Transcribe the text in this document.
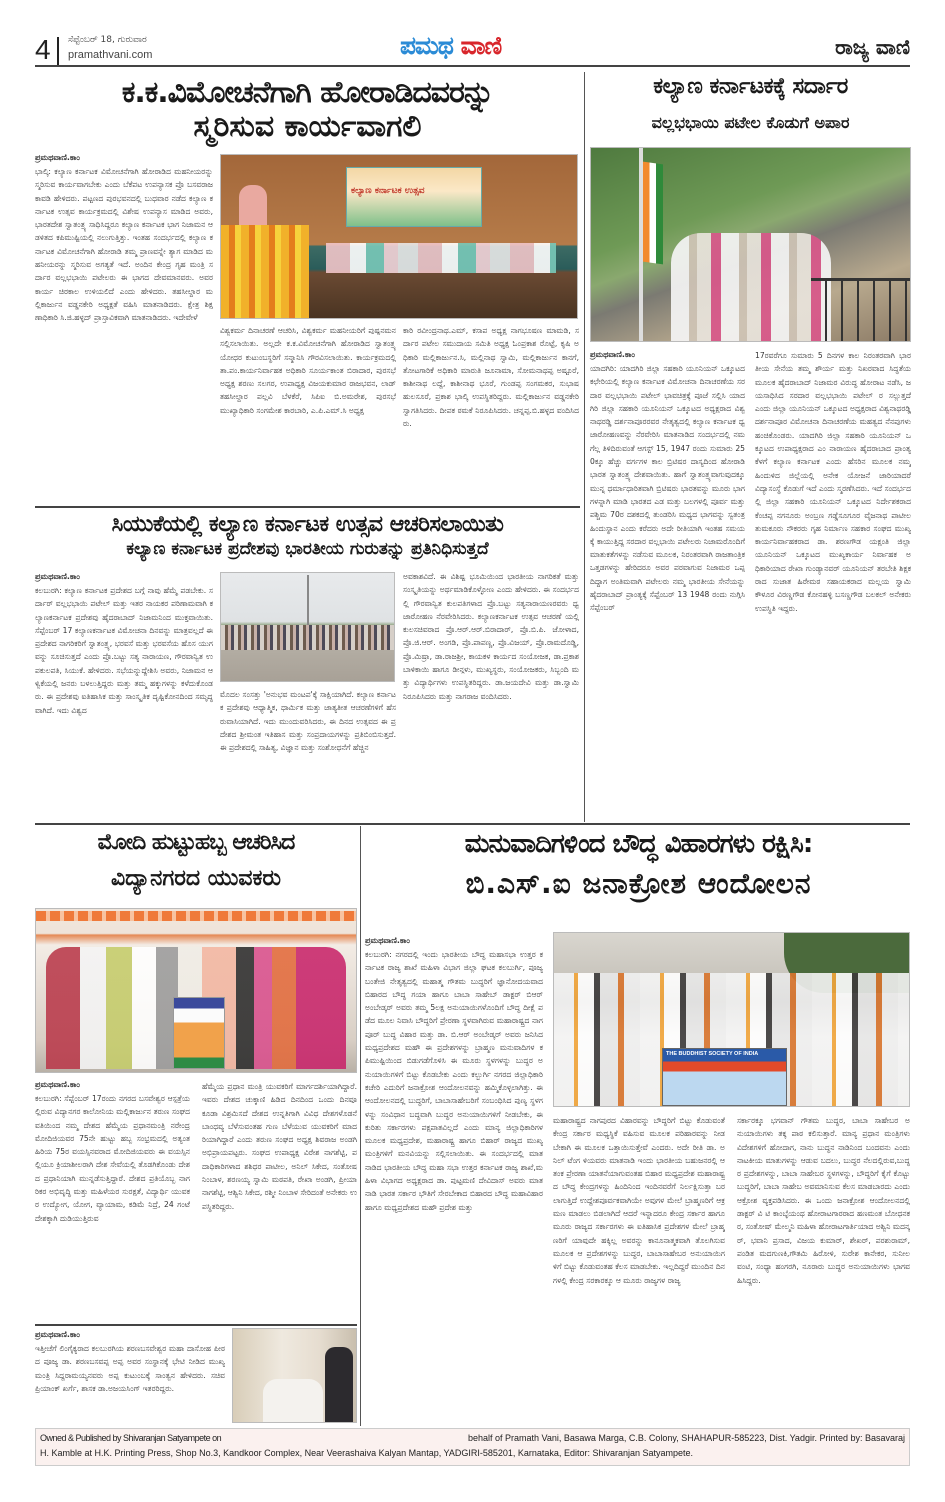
4 ಸೆಪ್ಟೆಂಬರ್ 18, ಗುರುವಾರ
pramathvani.com	ಪಮಥ ವಾಣಿ	ರಾಜ್ಯ ವಾಣಿ
ಕ.ಕ.ವಿಮೋಚನೆಗಾಗಿ ಹೋರಾಡಿದವರನ್ನು
ಸ್ಮರಿಸುವ ಕಾರ್ಯವಾಗಲಿ
ಪ್ರಮಥವಾಣಿ.ಕಾಂ
ಭಾಲ್ಕಿ: ಕಲ್ಯಾಣ ಕರ್ನಾಟಕ ವಿಮೋಚನೆಗಾಗಿ ಹೋರಾಡಿದ ಮಹನೀಯರನ್ನು ಸ್ಮರಿಸುವ ಕಾರ್ಯವಾಗಬೇಕು ಎಂದು ಬೆಕೆಪಟ ಉಪನ್ಯಾಸಕ ಪ್ರೊ ಬಸವರಾಜ ಕಾವಡಿ ಹೇಳಿದರು. ಪಟ್ಟಣದ ಪುರಭವನದಲ್ಲಿ ಬುಧವಾರ ನಡೆದ ಕಲ್ಯಾಣ ಕರ್ನಾಟಕ ಉತ್ಸವ ಕಾರ್ಯಕ್ರಮದಲ್ಲಿ ವಿಶೇಷ ಉಪನ್ಯಾಸ ಮಾಡಿದ ಅವರು, ಭಾರತದೇಶ ಸ್ವಾತಂತ್ರ್ಯ ಸಾಧಿಸಿದ್ದರೂ ಕಲ್ಯಾಣ ಕರ್ನಾಟಕ ಭಾಗ ನಿಜಾಮನ ಆಡಳಿತದ ಕಪಿಮುಷ್ಟಿಯಲ್ಲಿ ನಲುಗುತ್ತಿತ್ತು. ಇಂತಹ ಸಂದರ್ಭದಲ್ಲಿ ಕಲ್ಯಾಣ ಕರ್ನಾಟಕ ವಿಮೋಚನೆಗಾಗಿ ಹೋರಾಡಿ ತಮ್ಮ ಪ್ರಾಣವನ್ನೇ ತ್ಯಾಗ ಮಾಡಿದ ಮಹನೀಯರನ್ನು ಸ್ಮರಿಸುವ ಅಗತ್ಯತೆ ಇದೆ. ಅಂದಿನ ಕೇಂದ್ರ ಗೃಹ ಮಂತ್ರಿ ಸರ್ದಾರ ವಲ್ಲಭಭಾಯಿ ಪಟೇಲರು ಈ ಭಾಗದ ದೇವಮಾನವರು. ಅವರ ಕಾರ್ಯ ಚಿರಕಾಲ ಉಳಿಯಲಿದೆ ಎಂದು ಹೇಳಿದರು. ತಹಸೀಲ್ದಾರ ಮಲ್ಲಿಕಾರ್ಜುನ ವಡ್ಡನಕೇರಿ ಅಧ್ಯಕ್ಷತೆ ವಹಿಸಿ ಮಾತನಾಡಿದರು. ಕ್ಷೇತ್ರ ಶಿಕ್ಷಣಾಧಿಕಾರಿ ಸಿ.ಜಿ.ಹಳ್ಳದ್ ಪ್ರಾಸ್ತಾವಿಕವಾಗಿ ಮಾತನಾಡಿದರು. ಇದೇವೇಳೆ
ಕಲ್ಯಾಣ ಕರ್ನಾಟಕ ಉತ್ಸವ
ವಿಶ್ವಕರ್ಮ ದಿನಾಚರಣೆ ಆಚರಿಸಿ, ವಿಶ್ವಕರ್ಮ ಮಹನೀಯರಿಗೆ ಪುಷ್ಪನಮನ ಸಲ್ಲಿಸಲಾಯಿತು. ಅಲ್ಲದೇ ಕ.ಕ.ವಿಮೋಚನೆಗಾಗಿ ಹೋರಾಡಿದ ಸ್ವಾತಂತ್ರ್ಯ ಯೋಧರ ಕುಟುಂಬಸ್ಥರಿಗೆ ಸನ್ಮಾನಿಸಿ ಗೌರವಿಸಲಾಯಿತು. ಕಾರ್ಯಕ್ರಮದಲ್ಲಿ ತಾ.ಪಂ.ಕಾರ್ಯನಿರ್ವಾಹಕ ಅಧಿಕಾರಿ ಸೂರ್ಯಕಾಂತ ಬಿರಾದಾರ, ಪುರಸಭೆ ಅಧ್ಯಕ್ಷ ಶರಣು ಸಲಗರ, ಉಪಾಧ್ಯಕ್ಷ ವಿಜಯಕುಮಾರ ರಾಜಭವನ, ಲಾಡ್ ತಹಸೀಲ್ದಾರ ಪಲ್ಲವಿ ಬೆಳಕೆರೆ, ಸಿಪಿಐ ಬಿ.ಅಮರೇಶ, ಪುರಸಭೆ ಮುಖ್ಯಾಧಿಕಾರಿ ಸಂಗಮೇಶ ಕಾರಬಾರಿ, ಎ.ಪಿ.ಎಮ್.ಸಿ ಅಧ್ಯಕ್ಷ
ಕಾರಿ ರವೀಂದ್ರನಾಥ.ಎಮ್, ಕಸಾಪ ಅಧ್ಯಕ್ಷ ನಾಗಭೂಷಣ ಮಾಮಡಿ, ಸರ್ದಾರ ಪಟೇಲ ಸಮುದಾಯ ಸಮಿತಿ ಅಧ್ಯಕ್ಷ ಓಂಪ್ರಕಾಶ ರೊಟ್ಟೆ, ಕೃಷಿ ಅಧಿಕಾರಿ ಮಲ್ಲಿಕಾರ್ಜುನ.ಸಿ, ಮಲ್ಲಿನಾಥ ಸ್ವಾಮಿ, ಮಲ್ಲಿಕಾರ್ಜುನ ಕಾನಗೆ, ತೋಟಗಾರಿಕೆ ಅಧಿಕಾರಿ ಮಾರುತಿ ಜೂನಾಮಾ, ಸೋಮನಾಥಪ್ಪ ಅಷ್ಟೂರೆ, ಕಾಶೀನಾಥ ಲದ್ದೆ, ಕಾಶೀನಾಥ ಭೂರೆ, ಗುಂಡಪ್ಪ ಸಂಗಮಕರ, ಸುಭಾಷ ಹುಲಸೂರೆ, ಪ್ರಕಾಶ ಭಾಲ್ಕಿ ಉಪಸ್ಥಿತರಿದ್ದರು. ಮಲ್ಲಿಕಾರ್ಜುನ ವಡ್ಡನಕೇರಿ ಸ್ವಾಗತಿಸಿದರು. ದೀಪಕ ಠಮಕೆ ನಿರೂಪಿಸಿದರು. ಚನ್ನಪ್ಪ.ಬಿ.ಹಳ್ಳದ ವಂದಿಸಿದರು.
ಕಲ್ಯಾಣ ಕರ್ನಾಟಕಕ್ಕೆ ಸರ್ದಾರ
ವಲ್ಲಭಭಾಯಿ ಪಟೇಲ ಕೊಡುಗೆ ಅಪಾರ
ಪ್ರಮಥವಾಣಿ.ಕಾಂ
ಯಾದಗಿರಿ: ಯಾದಗಿರಿ ಜಿಲ್ಲಾ ಸಹಕಾರಿ ಯೂನಿಯನ್ ಒಕ್ಕೂಟದ ಕಛೇರಿಯಲ್ಲಿ ಕಲ್ಯಾಣ ಕರ್ನಾಟಕ ವಿಮೋಚನಾ ದಿನಾಚರಣೆಯ ಸರದಾರ ವಲ್ಲಭಭಾಯಿ ಪಟೇಲ್ ಭಾವಚಿತ್ರಕ್ಕೆ ಪೂಜೆ ಸಲ್ಲಿಸಿ ಯಾದಗಿರಿ ಜಿಲ್ಲಾ ಸಹಕಾರಿ ಯೂನಿಯನ್ ಒಕ್ಕೂಟದ ಅಧ್ಯಕ್ಷರಾದ ವಿಶ್ವನಾಥರಡ್ಡಿ ದರ್ಶನಾಪೂರರವರ ನೇತೃತ್ವದಲ್ಲಿ ಕಲ್ಯಾಣ ಕರ್ನಾಟಕ ಧ್ವಜಾರೋಹಣವನ್ನು ನೆರವೇರಿಸಿ ಮಾತನಾಡಿದ ಸಂದರ್ಭದಲ್ಲಿ ನಮಗೆಲ್ಲ ತಿಳಿದಿರುವಂತೆ ಆಗಸ್ಟ್ 15, 1947 ರಂದು ಸುಮಾರು 250ಕ್ಕೂ ಹೆಚ್ಚು ವರ್ಗಗಳ ಕಾಲ ಬ್ರಿಟಿಷರ ದಾಸ್ಯದಿಂದ ಹೋರಾಡಿ ಭಾರತ ಸ್ವಾತಂತ್ರ್ಯ ದೇಶವಾಯಿತು. ಹಾಗೆ ಸ್ವಾತಂತ್ರ್ಯವಾಗುವುದಕ್ಕೂ ಮುನ್ನ ಧರ್ಮಾಧಾರಿತವಾಗಿ ಬ್ರಿಟಿಷರು ಭಾರತವನ್ನು ಮೂರು ಭಾಗಗಳನ್ನಾಗಿ ಮಾಡಿ ಭಾರತದ ಎಡ ಮತ್ತು ಬಲಗಳಲ್ಲಿ ಪೂರ್ವ ಮತ್ತು ಪಶ್ಚಿಮ 70ರ ದಶಕದಲ್ಲಿ ತುಂಡರಿಸಿ ಮಧ್ಯದ ಭಾಗವನ್ನು ಸ್ವತಂತ್ರ ಹಿಂದುಸ್ಥಾನ ಎಂದು ಕರೆದರು ಅದೇ ರೀತಿಯಾಗಿ ಇಂತಹ ಸಮಯಕ್ಕೆ ಕಾಯುತ್ತಿದ್ದ ಸರದಾರ ವಲ್ಲಭಾಯಿ ಪಟೇಲರು ನಿಜಾಮರೊಂದಿಗೆ ಮಾತುಕತೆಗಳನ್ನು ನಡೆಸುವ ಮೂಲಕ, ನಿರಂತರವಾಗಿ ರಾಜತಾಂತ್ರಿಕ ಒತ್ತಡಗಳನ್ನು ಹೇರಿದರೂ ಅವರ ಪರವಾಗುವ ನಿಜಾಮರ ಒಪ್ಪದಿದ್ದಾಗ ಅಂತಿಮವಾಗಿ ಪಟೇಲರು ನಮ್ಮ ಭಾರತೀಯ ಸೇನೆಯನ್ನು ಹೈದರಾಬಾದ್ ಪ್ರಾಂತ್ಯಕ್ಕೆ ಸೆಪ್ಟೆಂಬರ್ 13 1948 ರಂದು ನುಗ್ಗಿಸಿ ಸೆಪ್ಟೆಂಬರ್
17ರವರೆಗೂ ಸುಮಾರು 5 ದಿನಗಳ ಕಾಲ ನಿರಂತರವಾಗಿ ಭಾರತೀಯ ಸೇನೆಯ ತಮ್ಮ ಶೌರ್ಯ ಮತ್ತು ನಿಖರವಾದ ಸಿದ್ಧತೆಯ ಮೂಲಕ ಹೈದರಾಬಾದ್ ನಿಜಾಮರ ವಿರುದ್ಧ ಹೋರಾಟ ನಡೆಸಿ, ಜಯಸಾಧಿಸಿದ ಸರದಾರ ವಲ್ಲಭಭಾಯಿ ಪಟೇಲ್ ರ ಸಲ್ಲುತ್ತದೆ ಎಂದು ಜಿಲ್ಲಾ ಯೂನಿಯನ್ ಒಕ್ಕೂಟದ ಅಧ್ಯಕ್ಷರಾದ ವಿಶ್ವನಾಥರಡ್ಡಿ ದರ್ಶನಾಪೂರ ವಿಮೋಚನಾ ದಿನಾಚರಣೆಯ ಮಹತ್ವದ ನೆನಪುಗಳು ಹಂಚಿಕೊಂಡರು. ಯಾದಗಿರಿ ಜಿಲ್ಲಾ ಸಹಕಾರಿ ಯೂನಿಯನ್ ಒಕ್ಕೂಟದ ಉಪಾಧ್ಯಕ್ಷರಾದ ಎಂ ನಾರಾಯಣ ಹೈದರಾಬಾದ ಪ್ರಾಂತ್ಯ ಕೆಳಗೆ ಕಲ್ಯಾಣ ಕರ್ನಾಟಕ ಎಂದು ಹೆಸರಿನ ಮೂಲಕ ನಮ್ಮ ಹಿಂದುಳಿದ ಜಿಲ್ಲೆಯಲ್ಲಿ ಅನೇಕ ಯೋಜನೆ ಜಾರಿಯಾದರೆ ವಿದ್ಯಾಸಂಸ್ಥೆ ಕೊಡುಗೆ ಇದೆ ಎಂದು ಸ್ಮರಣೆಸಿದರು. ಇದೆ ಸಂದರ್ಭದಲ್ಲಿ ಜಿಲ್ಲಾ ಸಹಕಾರಿ ಯೂನಿಯನ್ ಒಕ್ಕೂಟದ ನಿರ್ದೇಶಕರಾದ ಕೆಂಚಪ್ಪ ನಗನೂರು ಅಂಬ್ರಣ ಗಡ್ಡೆಸೂಗೂರ ವೈಜನಾಥ ಪಾಟೀಲ ತುಮಕೂರು ನೌಕರರು ಗೃಹ ನಿರ್ಮಾಣ ಸಹಕಾರ ಸಂಘದ ಮುಖ್ಯ ಕಾರ್ಯನಿರ್ವಾಹಕರಾದ ಡಾ. ಶರಣಗೌಡ ಯಕ್ಷಂತಿ ಜಿಲ್ಲಾ ಯೂನಿಯನ್ ಒಕ್ಕೂಟದ ಮುಖ್ಯಕಾರ್ಯ ನಿರ್ವಾಹಕ ಅಧಿಕಾರಿಯಾದ ರೇಖಾ ಗುಂಡ್ಯಾನವರ್ ಯೂನಿಯನ್ ತರಬೇತಿ ಶಿಕ್ಷಕರಾದ ಸುಜಾತ ಹಿರೇಮಠ ಸಹಾಯಕರಾದ ಮಲ್ಲಯ ಸ್ವಾಮಿ ಕೌಳೂರ ವಿರಣ್ಣಗೌಡ ಕೋನಹಳ್ಳಿ ಬಸಣ್ಣಗೌಡ ಬಲಕಲ್ ಅನೇಕರು ಉಪಸ್ಥಿತಿ ಇದ್ದರು.
ಸಿಯುಕೆಯಲ್ಲಿ ಕಲ್ಯಾಣ ಕರ್ನಾಟಕ ಉತ್ಸವ ಆಚರಿಸಲಾಯಿತು
ಕಲ್ಯಾಣ ಕರ್ನಾಟಕ ಪ್ರದೇಶವು ಭಾರತೀಯ ಗುರುತನ್ನು ಪ್ರತಿನಿಧಿಸುತ್ತದೆ
ಪ್ರಮಥವಾಣಿ.ಕಾಂ
ಕಲಬುರಗಿ: ಕಲ್ಯಾಣ ಕರ್ನಾಟಕ ಪ್ರದೇಶದ ಬಗ್ಗೆ ನಾವು ಹೆಮ್ಮೆ ಪಡಬೇಕು. ಸರ್ದಾರ್ ವಲ್ಲಭಭಾಯಿ ಪಟೇಲ್ ಮತ್ತು ಇತರ ನಾಯಕರ ಪರಿಣಾಮವಾಗಿ ಕಲ್ಯಾಣಕರ್ನಾಟಕ ಪ್ರದೇಶವು ಹೈದರಾಬಾದ್ ನಿಜಾಮನಿಂದ ಮುಕ್ತವಾಯಿತು. ಸೆಪ್ಟೆಂಬರ್ 17 ಕಲ್ಯಾಣಕರ್ನಾಟಕ ವಿಮೋಚನಾ ದಿನವನ್ನು ಮಾತ್ರವಲ್ಲದೆ ಈ ಪ್ರದೇಶದ ನಾಗರಿಕರಿಗೆ ಸ್ವಾತಂತ್ರ್ಯ, ಭರವಸೆ ಮತ್ತು ಭರವಸೆಯ ಹೊಸ ಯುಗವನ್ನು ಸೂಚಿಸುತ್ತದೆ ಎಂದು ಪ್ರೊ.ಬಟ್ಟು ಸತ್ಯ ನಾರಾಯಣ, ಗೌರವಾನ್ವಿತ ಉಪಕುಲಪತಿ, ಸಿಯುಕೆ. ಹೇಳಿದರು. ಸಭೆಯನ್ನುದ್ದೇಶಿಸಿ ಅವರು, ನಿಜಾಮನ ಆಳ್ವಿಕೆಯಲ್ಲಿ ಜನರು ಬಳಲುತ್ತಿದ್ದರು ಮತ್ತು ತಮ್ಮ ಹಕ್ಕುಗಳನ್ನು ಕಳೆದುಕೊಂಡರು. ಈ ಪ್ರದೇಶವು ಐತಿಹಾಸಿಕ ಮತ್ತು ಸಾಂಸ್ಕೃತಿಕ ದೃಷ್ಟಿಕೋನದಿಂದ ಸಮೃದ್ಧವಾಗಿದೆ. ಇದು ವಿಶ್ವದ
ಮೊದಲ ಸಂಸತ್ತು 'ಅನುಭವ ಮಂಟಪ'ಕ್ಕೆ ಸಾಕ್ಷಿಯಾಗಿದೆ. ಕಲ್ಯಾಣ ಕರ್ನಾಟಕ ಪ್ರದೇಶವು ಆಧ್ಯಾತ್ಮಿಕ, ಧಾರ್ಮಿಕ ಮತ್ತು ಜಾತ್ಯತೀತ ಆಚರಣೆಗಳಿಗೆ ಹೆಸರುವಾಸಿಯಾಗಿದೆ. ಇದು ಮುಂದುವರಿಸಿದರು, ಈ ದಿನದ ಉತ್ಸವದ ಈ ಪ್ರದೇಶದ ಶ್ರೀಮಂತ ಇತಿಹಾಸ ಮತ್ತು ಸಂಪ್ರದಾಯಗಳನ್ನು ಪ್ರತಿಬಿಂಬಿಸುತ್ತದೆ. ಈ ಪ್ರದೇಶದಲ್ಲಿ ಸಾಹಿತ್ಯ, ವಿಜ್ಞಾನ ಮತ್ತು ಸಂಶೋಧನೆಗೆ ಹೆಚ್ಚಿನ
ಅವಕಾಶವಿದೆ. ಈ ವಿಶಿಷ್ಟ ಭೂಮಿಯಿಂದ ಭಾರತೀಯ ನಾಗರಿಕತೆ ಮತ್ತು ಸಂಸ್ಕೃತಿಯನ್ನು ಅರ್ಥಮಾಡಿಕೊಳ್ಳೋಣ ಎಂದು ಹೇಳಿದರು. ಈ ಸಂದರ್ಭದಲ್ಲಿ ಗೌರವಾನ್ವಿತ ಕುಲಪತಿಗಳಾದ ಪ್ರೊ.ಬಟ್ಟು ಸತ್ಯನಾರಾಯಣರವರು ಧ್ವಜಾರೋಹಣ ನೆರವೇರಿಸಿದರು. ಕಲ್ಯಾಣಕರ್ನಾಟಕ ಉತ್ಸವ ಆಚರಣೆ ಯಲ್ಲಿ ಕುಲಸಚಿವರಾದ ಪ್ರೊ.ಆರ್.ಆರ್.ಬಿರಾದಾರ್, ಪ್ರೊ.ಬಿ.ಪಿ. ಜೋಳಾದ, ಪ್ರೊ.ಜಿ.ಆರ್. ಅಂಗಡಿ, ಪ್ರೊ.ಪಾಪಣ್ಣ, ಪ್ರೊ.ವಿಜಯ್, ಪ್ರೊ.ರಾಮದೊಡ್ಡಿ, ಪ್ರೊ.ಮಿಷ್ರಾ, ಡಾ.ರಾಜಶ್ರೀ, ಕಾಯಕಳ ಕಾರ್ಯದ ಸಂಯೋಜಕ, ಡಾ.ಪ್ರಕಾಶ ಬಾಳಿಕಾಯಿ ಹಾಗೂ ಡೀನ್ಗಳು, ಮುಖ್ಯಸ್ಥರು, ಸಂಯೋಜಕರು, ಸಿಬ್ಬಂದಿ ಮತ್ತು ವಿದ್ಯಾರ್ಥಿಗಳು ಉಪಸ್ಥಿತರಿದ್ದರು. ಡಾ.ಜಯದೇವಿ ಮತ್ತು ಡಾ.ಸ್ವಾಮಿ ನಿರೂಪಿಸಿದರು ಮತ್ತು ನಾಗರಾಜ ವಂದಿಸಿದರು.
ಮೋದಿ ಹುಟ್ಟುಹಬ್ಬ ಆಚರಿಸಿದ
ವಿದ್ಯಾನಗರದ ಯುವಕರು
ಪ್ರಮಥವಾಣಿ.ಕಾಂ
ಕಲಬುರಗಿ: ಸೆಪ್ಟೆಂಬರ್ 17ರಂದು ನಗರದ ಬಸವೇಶ್ವರ ಆಸ್ಪತ್ರೆಯಲ್ಲಿರುವ ವಿದ್ಯಾನಗರ ಕಾಲೋನಿಯ ಮಲ್ಲಿಕಾರ್ಜುನ ತರುಣ ಸಂಘದ ವತಿಯಿಂದ ನಮ್ಮ ದೇಶದ ಹೆಮ್ಮೆಯ ಪ್ರಧಾನಮಂತ್ರಿ ನರೇಂದ್ರ ಮೋದಿಜಿಯವರ 75ನೇ ಹುಟ್ಟು ಹಬ್ಬ ಸಂಭ್ರಮದಲ್ಲಿ ಅತ್ಯಂತ ಹಿರಿಯ 75ರ ವಯಸ್ಸಿನವರಾದ ಮೋದಿಜಿಯವರು ಈ ವಯಸ್ಸಿನಲ್ಲಿಯೂ ಕ್ರಿಯಾಶೀಲರಾಗಿ ದೇಶ ಸೇವೆಯಲ್ಲಿ ತೊಡಗಿಕೊಂಡು ದೇಶದ ಪ್ರಧಾನಿಯಾಗಿ ಮುನ್ನಡೆಸುತ್ತಿದ್ದಾರೆ. ದೇಶದ ಪ್ರತಿಯೊಬ್ಬ ನಾಗರಿಕರ ಅಭಿವೃದ್ಧಿ ಮತ್ತು ಮಹಿಳೆಯರ ಸುರಕ್ಷತೆ, ವಿದ್ಯಾರ್ಥಿ ಯುವಕರ ಉದ್ಯೋಗ, ಯೋಗ, ವ್ಯಾಯಾಮ, ಕಡಿಮೆ ನಿದ್ರೆ, 24 ಗಂಟೆ ದೇಶಕ್ಕಾಗಿ ದುಡಿಯುತ್ತಿರುವ
ಹೆಮ್ಮೆಯ ಪ್ರಧಾನ ಮಂತ್ರಿ ಯುವಕರಿಗೆ ಮಾರ್ಗದರ್ಶಿಯಾಗಿದ್ದಾರೆ. ಇವರು ದೇಶದ ಚುಕ್ಕಾಣಿ ಹಿಡಿದ ದಿನದಿಂದ ಒಂದು ದಿನವೂ ಕೂಡಾ ವಿಶ್ರಮಿಸದೆ ದೇಶದ ಉನ್ನತಿಗಾಗಿ ವಿವಿಧ ದೇಶಗಳೊಡನೆ ಬಾಂಧವ್ಯ ಬೆಳೆಸುವಂತಹ ಗುಣ ಬೆಳೆಯುವ ಯುವಕರಿಗೆ ಮಾದರಿಯಾಗಿದ್ದಾರೆ ಎಂದು ತರುಣ ಸಂಘದ ಅಧ್ಯಕ್ಷ ಶಿವರಾಜ ಅಂಡಗಿ ಅಭಿಪ್ರಾಯಪಟ್ಟರು. ಸಂಘದ ಉಪಾಧ್ಯಕ್ಷ ವಿರೇಶ ನಾಗಶೆಟ್ಟಿ, ಪದಾಧಿಕಾರಿಗಳಾದ ಶಶಿಧರ ಪಾಟೀಲ, ಅನಿಲ್ ಸಿಕೇದ, ಸಂತೋಷ ನಿಂಬಾಳ, ಶರಣಯ್ಯ ಸ್ವಾಮಿ ಮಠಪತಿ, ರೇಖಾ ಅಂಡಗಿ, ಪ್ರೀಯಾ ನಾಗಶೆಟ್ಟಿ, ಆಶ್ವಿನಿ ಸಿಕೇದ, ರಶ್ಮೀ ನಿಂಬಾಳ ಸೇರಿದಂತೆ ಅನೇಕರು ಉಪಸ್ಥಿತರಿದ್ದರು.
ಪ್ರಮಥವಾಣಿ.ಕಾಂ
ಇತ್ತೀಚೆಗೆ ಲಿಂಗೈಕ್ಯರಾದ ಕಲಬುರಗಿಯ ಶರಣಬಸವೇಶ್ವರ ಮಹಾ ದಾಸೋಹ ಪೀಠದ ಪೂಜ್ಯ ಡಾ. ಶರಣಬಸವಪ್ಪ ಅಪ್ಪ ಅವರ ಸಂಸ್ಥಾನಕ್ಕೆ ಭೇಟಿ ನೀಡಿದ ಮುಖ್ಯಮಂತ್ರಿ ಸಿದ್ದರಾಮಯ್ಯನವರು ಅಪ್ಪ ಕುಟುಂಬಕ್ಕೆ ಸಾಂತ್ವನ ಹೇಳಿದರು. ಸಚಿವ ಪ್ರಿಯಾಂಕ್ ಖರ್ಗೆ, ಶಾಸಕ ಡಾ.ಅಜಯಸಿಂಗ್ ಇತರರಿದ್ದರು.
ಮನುವಾದಿಗಳಿಂದ ಬೌದ್ಧ ವಿಹಾರಗಳು ರಕ್ಷಿಸಿ:
ಬಿ.ಎಸ್.ಐ ಜನಾಕ್ರೋಶ ಆಂದೋಲನ
ಪ್ರಮಥವಾಣಿ.ಕಾಂ
ಕಲಬುರಗಿ: ನಗರದಲ್ಲಿ ಇಂದು ಭಾರತೀಯ ಬೌದ್ಧ ಮಹಾಸಭಾ ಉತ್ತರ ಕರ್ನಾಟಕ ರಾಜ್ಯ ಶಾಖೆ ಮಹಿಳಾ ವಿಭಾಗ ಜಿಲ್ಲಾ ಘಟಕ ಕಲಬುರ್ಗಿ, ಪೂಜ್ಯ ಬಂತೇಜಿ ನೇತೃತ್ವದಲ್ಲಿ ಮಹಾತ್ಮ ಗೌತಮ ಬುದ್ಧರಿಗೆ ಜ್ಞಾನೋದಯವಾದ ಬಿಹಾರದ ಬೌದ್ಧ ಗಯಾ ಹಾಗೂ ಬಾಬಾ ಸಾಹೇಬ್ ಡಾಕ್ಟರ್ ಬಿಆರ್ ಅಂಬೇಡ್ಕರ್ ಅವರು ತಮ್ಮ 5ಲಕ್ಷ ಅನುಯಾಯಿಗಳೊಂದಿಗೆ ಬೌದ್ಧ ದೀಕ್ಷೆ ಪಡೆದ ಮೂಲ ನಿವಾಸಿ ಬೌದ್ಧರಿಗೆ ಪ್ರೇರಣಾ ಸ್ಥಳವಾಗಿರುವ ಮಹಾರಾಷ್ಟ್ರದ ನಾಗಪೂರ್ ಬುದ್ಧ ವಿಹಾರ ಮತ್ತು ಡಾ. ಬಿ.ಆರ್ ಅಂಬೇಡ್ಕರ್ ಅವರು ಜನಿಸಿದ ಮಧ್ಯಪ್ರದೇಶದ ಮಹೌ ಈ ಪ್ರದೇಶಗಳನ್ನು ಬ್ರಾಹ್ಮಣ ಮನುವಾದಿಗಳ ಕಪಿಮುಷ್ಟಿಯಿಂದ ಬಿಡುಗಡೆಗೊಳಿಸಿ ಈ ಮೂರು ಸ್ಥಳಗಳನ್ನು ಬುದ್ಧರ ಅನುಯಾಯಿಗಳಿಗೆ ಬಿಟ್ಟು ಕೊಡಬೇಕು ಎಂದು ಕಲ್ಬುರ್ಗಿ ನಗರದ ಜಿಲ್ಲಾಧಿಕಾರಿ ಕಚೇರಿ ಎದುರಿಗೆ ಜನಾಕ್ರೋಶ ಆಂದೋಲನವನ್ನು ಹಮ್ಮಿಕೊಳ್ಳಲಾಗಿತ್ತು. ಈ ಆಂದೋಲನದಲ್ಲಿ ಬುದ್ಧರಿಗೆ, ಬಾಬಾಸಾಹೇಬರಿಗೆ ಸಂಬಂಧಿಸಿದ ಪುಣ್ಯ ಸ್ಥಳಗಳನ್ನು ಸಂವಿಧಾನ ಬದ್ಧವಾಗಿ ಬುದ್ಧರ ಅನುಯಾಯಿಗಳಿಗೆ ನೀಡಬೇಕು, ಈ ಕುರಿತು ಸರ್ಕಾರಗಳು ಪಕ್ಷಪಾತವಿಲ್ಲದೆ ಎಂದು ಮಾನ್ಯ ಜಿಲ್ಲಾಧಿಕಾರಿಗಳ ಮೂಲಕ ಮಧ್ಯಪ್ರದೇಶ, ಮಹಾರಾಷ್ಟ್ರ ಹಾಗೂ ಬಿಹಾರ್ ರಾಜ್ಯದ ಮುಖ್ಯಮಂತ್ರಿಗಳಿಗೆ ಮನವಿಯನ್ನು ಸಲ್ಲಿಸಲಾಯಿತು. ಈ ಸಂದರ್ಭದಲ್ಲಿ ಮಾತನಾಡಿದ ಭಾರತೀಯ ಬೌದ್ಧ ಮಹಾ ಸಭಾ ಉತ್ತರ ಕರ್ನಾಟಕ ರಾಜ್ಯ ಶಾಖೆ,ಮಹಿಳಾ ವಿಭಾಗದ ಅಧ್ಯಕ್ಷರಾದ ಡಾ. ಪುಟ್ಟಮಣಿ ದೇವಿದಾಸ್ ಅವರು ಮಾತನಾಡಿ ಭಾರತ ಸರ್ಕಾರ ಭೌತಿಗೆ ಸೇರಬೇಕಾದ ಬಿಹಾರದ ಬೌದ್ಧ ಮಹಾವಿಹಾರ ಹಾಗೂ ಮಧ್ಯಪ್ರದೇಶದ ಮಹೌ ಪ್ರದೇಶ ಮತ್ತು
THE BUDDHIST SOCIETY OF INDIA
ಮಹಾರಾಷ್ಟ್ರದ ನಾಗಪುರದ ವಿಹಾರವನ್ನು ಬೌದ್ಧರಿಗೆ ಬಿಟ್ಟು ಕೊಡುವಂತೆ ಕೇಂದ್ರ ಸರ್ಕಾರ ಮಧ್ಯಸ್ಥಿಕೆ ವಹಿಸುವ ಮೂಲಕ ಪರಿಹಾರವನ್ನು ನೀಡಬೇಕಾಗಿ ಈ ಮೂಲಕ ಒತ್ತಾಯಿಸುತ್ತೇವೆ ಎಂದರು. ಅದೇ ರೀತಿ ಡಾ. ಅನಿಲ್ ಟೆಂಗ ಳಿಯವರು ಮಾತನಾಡಿ ಇಂದು ಭಾರತೀಯ ಬಹುಜನರಲ್ಲಿ ಆತಂಕ ಪ್ರೇರಣಾ ಯಾತನೆಯಾಗುವಂತಹ ಬಿಹಾರ ಮಧ್ಯಪ್ರದೇಶ ಮಹಾರಾಷ್ಟ್ರದ ಬೌದ್ಧ ಕೇಂದ್ರಗಳನ್ನು ಹಿಂದಿನಿಂದ ಇಂದಿನವರೆಗೆ ನಿರ್ಲಕ್ಷಿಸುತ್ತಾ ಬರಲಾಗುತ್ತಿದೆ ಉದ್ದೇಶಪೂರ್ವಕವಾಗಿಯೇ ಅವುಗಳ ಮೇಲೆ ಬ್ರಾಹ್ಮಣರಿಗೆ ಆಕ್ರಮಣ ಮಾಡಲು ಬಿಡಲಾಗಿದೆ ಆದರೆ ಇನ್ನಾದರೂ ಕೇಂದ್ರ ಸರ್ಕಾರ ಹಾಗೂ ಮೂರು ರಾಜ್ಯದ ಸರ್ಕಾರಗಳು ಈ ಐತಿಹಾಸಿಕ ಪ್ರದೇಶಗಳ ಮೇಲೆ ಬ್ರಾಹ್ಮಣರಿಗೆ ಯಾವುದೇ ಹಕ್ಕಿಲ್ಲ ಅವರನ್ನು ಕಾನೂನಾತ್ಮಕವಾಗಿ ತೊಲಗಿಸುವ ಮೂಲಕ ಆ ಪ್ರದೇಶಗಳನ್ನು ಬುದ್ಧರ, ಬಾಬಾಸಾಹೇಬರ ಅನುಯಾಯಿಗಳಿಗೆ ಬಿಟ್ಟು ಕೊಡುವಂತಹ ಕೆಲಸ ಮಾಡಬೇಕು. ಇಲ್ಲದಿದ್ದರೆ ಮುಂದಿನ ದಿನಗಳಲ್ಲಿ ಕೇಂದ್ರ ಸರಕಾರಕ್ಕೂ ಆ ಮೂರು ರಾಜ್ಯಗಳ ರಾಜ್ಯ
ಸರ್ಕಾರಕ್ಕೂ ಭಗವಾನ್ ಗೌತಮ ಬುದ್ಧರ, ಬಾಬಾ ಸಾಹೇಬರ ಅನುಯಾಯಿಗಳು ತಕ್ಕ ಪಾಠ ಕಲಿಸುತ್ತಾರೆ. ಮಾನ್ಯ ಪ್ರಧಾನ ಮಂತ್ರಿಗಳು ವಿದೇಶಗಳಿಗೆ ಹೋದಾಗ, ನಾನು ಬುದ್ಧನ ನಾಡಿನಿಂದ ಬಂದವನು ಎಂದು ನಾಟಕೀಯ ಮಾತುಗಳನ್ನು ಆಡುವ ಬದಲು, ಬುದ್ಧರ ನೆಲದಲ್ಲಿರುವ,ಬುದ್ಧರ ಪ್ರದೇಶಗಳನ್ನು, ಬಾಬಾ ಸಾಹೇಬರ ಸ್ಥಳಗಳನ್ನು, ಬೌದ್ಧರಿಗೆ ಕೈಗೆ ಕೊಟ್ಟು ಬುದ್ಧರಿಗೆ, ಬಾಬಾ ಸಾಹೇಬ ಅವಮಾನಿಸುವ ಕೆಲಸ ಮಾಡಬಾರದು ಎಂದು ಆಕ್ರೋಶ ವ್ಯಕ್ತಪಡಿಸಿದರು. ಈ ಒಂದು ಜನಾಕ್ರೋಶ ಆಂದೋಲನದಲ್ಲಿ ಡಾಕ್ಟರ್ ವಿ ಟಿ ಕಾಂಬ್ಳೆಯಂಥ ಹೋರಾಟಗಾರರಾದ ಹಣಮಂತ ಬೋಧನಕರ, ಸಂತೋಷ್ ಮೇಲ್ಮನಿ ಮಹಿಳಾ ಹೋರಾಟಗಾರ್ತಿಯಾದ ಅಶ್ವಿನಿ ಮದನ್ಕರ್, ಭವಾನಿ ಪ್ರಸಾದ, ವಿಜಯ ಕುಮಾರ್, ಶೇಖರ್, ಪರಶುರಾಮ್, ಪಂಡಿತ ಮದಗುಣಕಿ,ಗೌತಮಿ ಹಿರೋಳಿ, ಸುರೇಶ ಕಾನೇಕರ, ಸುನೀಲ ವಂಟಿ, ಸಂಧ್ಯಾ ಹಂಗರಗಿ, ನೂರಾರು ಬುದ್ಧರ ಅನುಯಾಯಿಗಳು ಭಾಗವಹಿಸಿದ್ದರು.
Owned & Published by Shivaranjan Satyampete on	behalf of Pramath Vani, Basawa Marga, C.B. Colony, SHAHAPUR-585223, Dist. Yadgir. Printed by: Basavaraj
H. Kamble at H.K. Printing Press, Shop No.3, Kandkoor Complex, Near Veerashaiva Kalyan Mantap, YADGIRI-585201, Karnataka, Editor: Shivaranjan Satyampete.
